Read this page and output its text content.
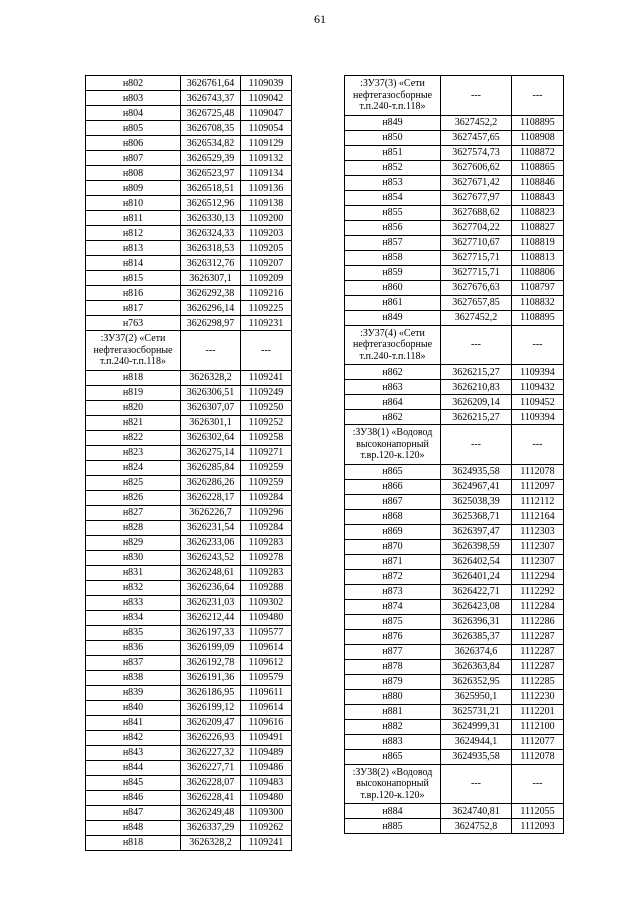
61
н802	3626761,64	1109039
н803	3626743,37	1109042
н804	3626725,48	1109047
н805	3626708,35	1109054
н806	3626534,82	1109129
н807	3626529,39	1109132
н808	3626523,97	1109134
н809	3626518,51	1109136
н810	3626512,96	1109138
н811	3626330,13	1109200
н812	3626324,33	1109203
н813	3626318,53	1109205
н814	3626312,76	1109207
н815	3626307,1	1109209
н816	3626292,38	1109216
н817	3626296,14	1109225
н763	3626298,97	1109231
:ЗУ37(2) «Сети нефтегазосборные т.п.240-т.п.118»	---	---
н818	3626328,2	1109241
н819	3626306,51	1109249
н820	3626307,07	1109250
н821	3626301,1	1109252
н822	3626302,64	1109258
н823	3626275,14	1109271
н824	3626285,84	1109259
н825	3626286,26	1109259
н826	3626228,17	1109284
н827	3626226,7	1109296
н828	3626231,54	1109284
н829	3626233,06	1109283
н830	3626243,52	1109278
н831	3626248,61	1109283
н832	3626236,64	1109288
н833	3626231,03	1109302
н834	3626212,44	1109480
н835	3626197,33	1109577
н836	3626199,09	1109614
н837	3626192,78	1109612
н838	3626191,36	1109579
н839	3626186,95	1109611
н840	3626199,12	1109614
н841	3626209,47	1109616
н842	3626226,93	1109491
н843	3626227,32	1109489
н844	3626227,71	1109486
н845	3626228,07	1109483
н846	3626228,41	1109480
н847	3626249,48	1109300
н848	3626337,29	1109262
н818	3626328,2	1109241
:ЗУ37(3) «Сети нефтегазосборные т.п.240-т.п.118»	---	---
н849	3627452,2	1108895
н850	3627457,65	1108908
н851	3627574,73	1108872
н852	3627606,62	1108865
н853	3627671,42	1108846
н854	3627677,97	1108843
н855	3627688,62	1108823
н856	3627704,22	1108827
н857	3627710,67	1108819
н858	3627715,71	1108813
н859	3627715,71	1108806
н860	3627676,63	1108797
н861	3627657,85	1108832
н849	3627452,2	1108895
:ЗУ37(4) «Сети нефтегазосборные т.п.240-т.п.118»	---	---
н862	3626215,27	1109394
н863	3626210,83	1109432
н864	3626209,14	1109452
н862	3626215,27	1109394
:ЗУ38(1) «Водовод высоконапорный т.вр.120-к.120»	---	---
н865	3624935,58	1112078
н866	3624967,41	1112097
н867	3625038,39	1112112
н868	3625368,71	1112164
н869	3626397,47	1112303
н870	3626398,59	1112307
н871	3626402,54	1112307
н872	3626401,24	1112294
н873	3626422,71	1112292
н874	3626423,08	1112284
н875	3626396,31	1112286
н876	3626385,37	1112287
н877	3626374,6	1112287
н878	3626363,84	1112287
н879	3626352,95	1112285
н880	3625950,1	1112230
н881	3625731,21	1112201
н882	3624999,31	1112100
н883	3624944,1	1112077
н865	3624935,58	1112078
:ЗУ38(2) «Водовод высоконапорный т.вр.120-к.120»	---	---
н884	3624740,81	1112055
н885	3624752,8	1112093
